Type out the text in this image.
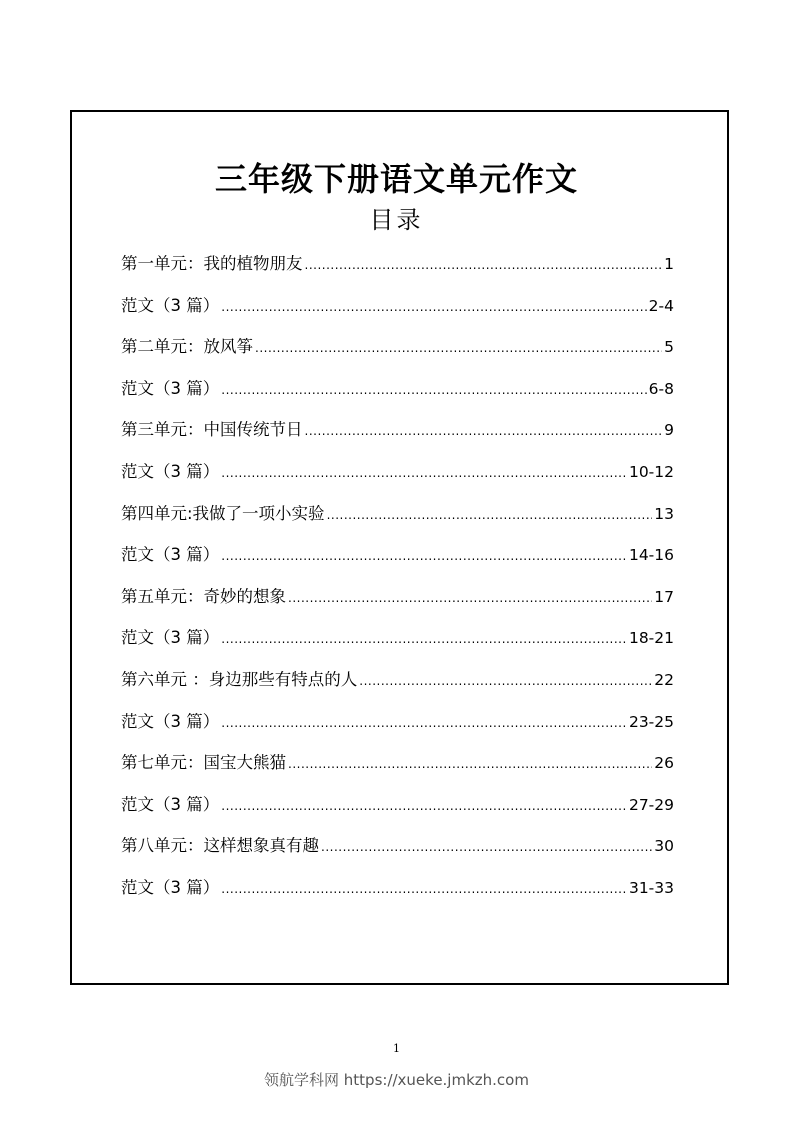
三年级下册语文单元作文
目录
第一单元：我的植物朋友 .....	1
范文（3 篇） .....	2-4
第二单元：放风筝 .....	5
范文（3 篇） .....	6-8
第三单元：中国传统节日 .....	9
范文（3 篇） .....	10-12
第四单元:我做了一项小实验 .....	13
范文（3 篇） .....	14-16
第五单元：奇妙的想象 .....	17
范文（3 篇） .....	18-21
第六单元 ：身边那些有特点的人 .....	22
范文（3 篇） .....	23-25
第七单元：国宝大熊猫 .....	26
范文（3 篇） .....	27-29
第八单元：这样想象真有趣 .....	30
范文（3 篇） .....	31-33
1
领航学科网 https://xueke.jmkzh.com
